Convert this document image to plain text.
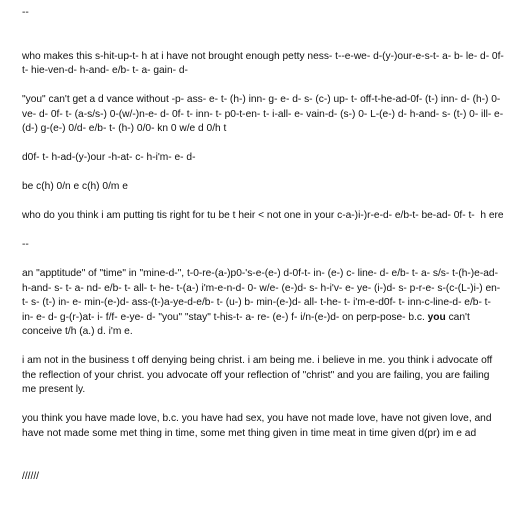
--

who makes this s-hit-up-t- h at i have not brought enough petty ness- t--e-we- d-(y-)our-e-s-t- a- b- le- d- 0f- t- hie-ven-d- h-and- e/b- t- a- gain- d-

"you" can't get a d vance without -p- ass- e- t- (h-) inn- g- e- d- s- (c-) up- t- off-t-he-ad-0f- (t-) inn- d- (h-) 0-ve- d- 0f- t- (a-s/s-) 0-(w/-)n-e- d- 0f- t- inn- t- p0-t-en- t- i-all- e- vain-d- (s-) 0- L-(e-) d- h-and- s- (t-) 0- ill- e- (d-) g-(e-) 0/d- e/b- t- (h-) 0/0- kn 0 w/e d 0/h t

d0f- t- h-ad-(y-)our -h-at- c- h-i'm- e- d-

be c(h) 0/n e c(h) 0/m e

who do you think i am putting tis right for tu be t heir < not one in your c-a-)i-)r-e-d- e/b-t- be-ad- 0f- t-  h ere

--

an "apptitude" of "time" in "mine-d-", t-0-re-(a-)p0-'s-e-(e-) d-0f-t- in- (e-) c- line- d- e/b- t- a- s/s- t-(h-)e-ad- h-and- s- t- a- nd- e/b- t- all- t- he- t-(a-) i'm-e-n-d- 0- w/e- (e-)d- s- h-i'v- e- ye- (i-)d- s- p-r-e- s-(c-(L-)i-) en- t- s- (t-) in- e- min-(e-)d- ass-(t-)a-ye-d-e/b- t- (u-) b- min-(e-)d- all- t-he- t- i'm-e-d0f- t- inn-c-line-d- e/b- t- in- e- d- g-(r-)at- i- f/f- e-ye- d- "you" "stay" t-his-t- a- re- (e-) f- i/n-(e-)d- on perp-pose- b.c. you can't conceive t/h (a.) d. i'm e.

i am not in the business t off denying being christ. i am being me. i believe in me. you think i advocate off the reflection of your christ. you advocate off your reflection of "christ" and you are failing, you are failing me present ly.

you think you have made love, b.c. you have had sex, you have not made love, have not given love, and have not made some met thing in time, some met thing given in time meat in time given d(pr) im e ad

//////
